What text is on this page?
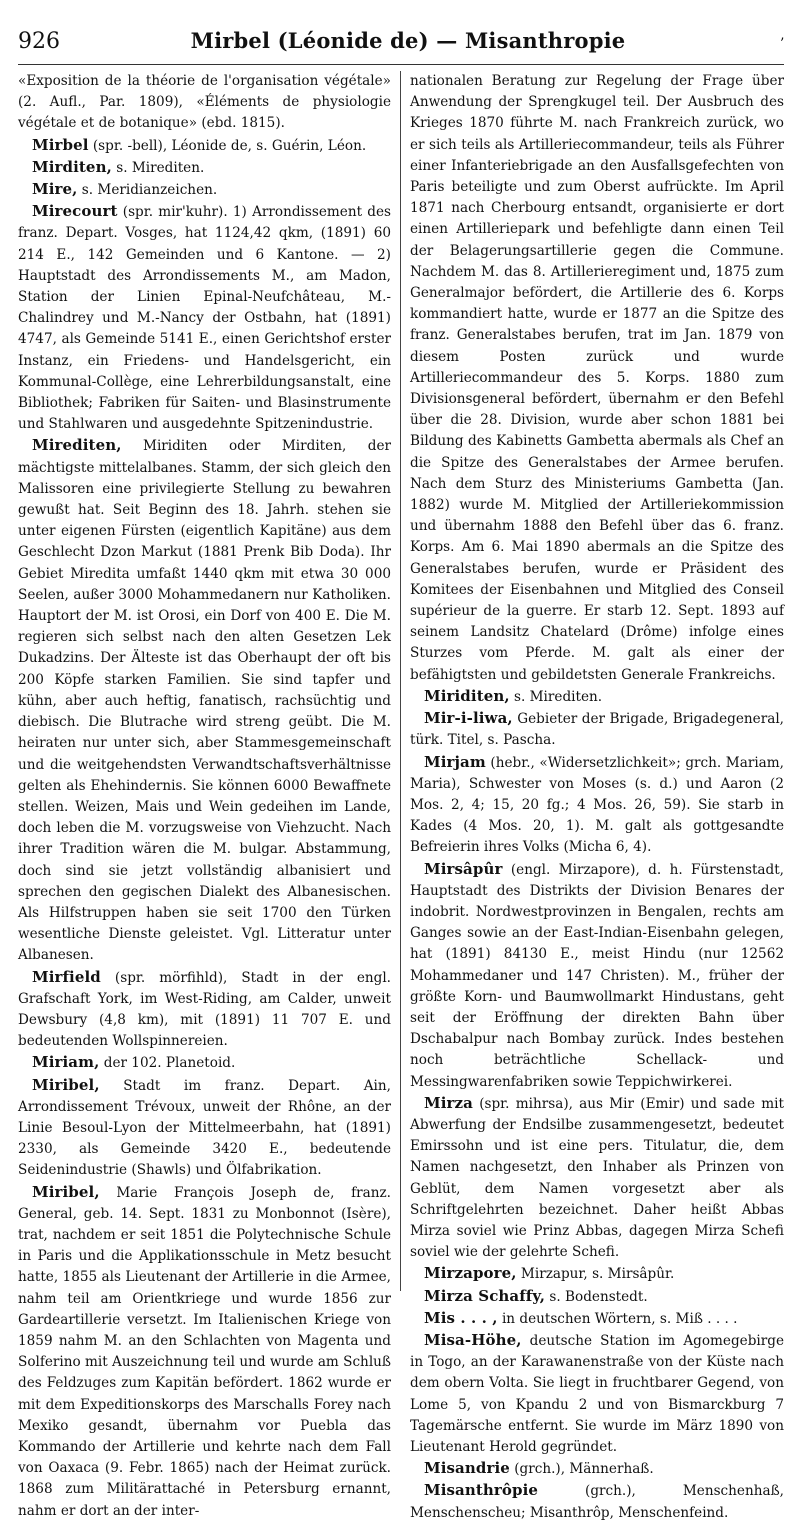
926	Mirbel (Léonide de) — Misanthropie	ʼ

«Exposition de la théorie de l'organisation végétale» (2. Aufl., Par. 1809), «Éléments de physiologie végétale et de botanique» (ebd. 1815).

Mirbel (spr. -bell), Léonide de, s. Guérin, Léon.

Mirditen, s. Mirediten.

Mire, s. Meridianzeichen.

Mirecourt (spr. mir'kuhr). 1) Arrondissement des franz. Depart. Vosges, hat 1124,42 qkm, (1891) 60 214 E., 142 Gemeinden und 6 Kantone. — 2) Hauptstadt des Arrondissements M., am Madon, Station der Linien Epinal-Neufchâteau, M.-Chalindrey und M.-Nancy der Ostbahn, hat (1891) 4747, als Gemeinde 5141 E., einen Gerichtshof erster Instanz, ein Friedens- und Handelsgericht, ein Kommunal-Collège, eine Lehrerbildungsanstalt, eine Bibliothek; Fabriken für Saiten- und Blasinstrumente und Stahlwaren und ausgedehnte Spitzenindustrie.

Mirediten, Miriditen oder Mirditen, der mächtigste mittelalbanes. Stamm, der sich gleich den Malissoren eine privilegierte Stellung zu bewahren gewußt hat. Seit Beginn des 18. Jahrh. stehen sie unter eigenen Fürsten (eigentlich Kapitäne) aus dem Geschlecht Dzon Markut (1881 Prenk Bib Doda). Ihr Gebiet Miredita umfaßt 1440 qkm mit etwa 30 000 Seelen, außer 3000 Mohammedanern nur Katholiken. Hauptort der M. ist Orosi, ein Dorf von 400 E. Die M. regieren sich selbst nach den alten Gesetzen Lek Dukadzins. Der Älteste ist das Oberhaupt der oft bis 200 Köpfe starken Familien. Sie sind tapfer und kühn, aber auch heftig, fanatisch, rachsüchtig und diebisch. Die Blutrache wird streng geübt. Die M. heiraten nur unter sich, aber Stammesgemeinschaft und die weitgehendsten Verwandtschaftsverhältnisse gelten als Ehehindernis. Sie können 6000 Bewaffnete stellen. Weizen, Mais und Wein gedeihen im Lande, doch leben die M. vorzugsweise von Viehzucht. Nach ihrer Tradition wären die M. bulgar. Abstammung, doch sind sie jetzt vollständig albanisiert und sprechen den gegischen Dialekt des Albanesischen. Als Hilfstruppen haben sie seit 1700 den Türken wesentliche Dienste geleistet. Vgl. Litteratur unter Albanesen.

Mirfield (spr. mörfihld), Stadt in der engl. Grafschaft York, im West-Riding, am Calder, unweit Dewsbury (4,8 km), mit (1891) 11 707 E. und bedeutenden Wollspinnereien.

Miriam, der 102. Planetoid.

Miribel, Stadt im franz. Depart. Ain, Arrondissement Trévoux, unweit der Rhône, an der Linie Besoul-Lyon der Mittelmeerbahn, hat (1891) 2330, als Gemeinde 3420 E., bedeutende Seidenindustrie (Shawls) und Ölfabrikation.

Miribel, Marie François Joseph de, franz. General, geb. 14. Sept. 1831 zu Monbonnot (Isère), trat, nachdem er seit 1851 die Polytechnische Schule in Paris und die Applikationsschule in Metz besucht hatte, 1855 als Lieutenant der Artillerie in die Armee, nahm teil am Orientkriege und wurde 1856 zur Gardeartillerie versetzt. Im Italienischen Kriege von 1859 nahm M. an den Schlachten von Magenta und Solferino mit Auszeichnung teil und wurde am Schluß des Feldzuges zum Kapitän befördert. 1862 wurde er mit dem Expeditionskorps des Marschalls Forey nach Mexiko gesandt, übernahm vor Puebla das Kommando der Artillerie und kehrte nach dem Fall von Oaxaca (9. Febr. 1865) nach der Heimat zurück. 1868 zum Militärattaché in Petersburg ernannt, nahm er dort an der inter-

nationalen Beratung zur Regelung der Frage über Anwendung der Sprengkugel teil. Der Ausbruch des Krieges 1870 führte M. nach Frankreich zurück, wo er sich teils als Artilleriecommandeur, teils als Führer einer Infanteriebrigade an den Ausfallsgefechten von Paris beteiligte und zum Oberst aufrückte. Im April 1871 nach Cherbourg entsandt, organisierte er dort einen Artilleriepark und befehligte dann einen Teil der Belagerungsartillerie gegen die Commune. Nachdem M. das 8. Artillerieregiment und, 1875 zum Generalmajor befördert, die Artillerie des 6. Korps kommandiert hatte, wurde er 1877 an die Spitze des franz. Generalstabes berufen, trat im Jan. 1879 von diesem Posten zurück und wurde Artilleriecommandeur des 5. Korps. 1880 zum Divisionsgeneral befördert, übernahm er den Befehl über die 28. Division, wurde aber schon 1881 bei Bildung des Kabinetts Gambetta abermals als Chef an die Spitze des Generalstabes der Armee berufen. Nach dem Sturz des Ministeriums Gambetta (Jan. 1882) wurde M. Mitglied der Artilleriekommission und übernahm 1888 den Befehl über das 6. franz. Korps. Am 6. Mai 1890 abermals an die Spitze des Generalstabes berufen, wurde er Präsident des Komitees der Eisenbahnen und Mitglied des Conseil supérieur de la guerre. Er starb 12. Sept. 1893 auf seinem Landsitz Chatelard (Drôme) infolge eines Sturzes vom Pferde. M. galt als einer der befähigtsten und gebildetsten Generale Frankreichs.

Miriditen, s. Mirediten.

Mir-i-liwa, Gebieter der Brigade, Brigadegeneral, türk. Titel, s. Pascha.

Mirjam (hebr., «Widersetzlichkeit»; grch. Mariam, Maria), Schwester von Moses (s. d.) und Aaron (2 Mos. 2, 4; 15, 20 fg.; 4 Mos. 26, 59). Sie starb in Kades (4 Mos. 20, 1). M. galt als gottgesandte Befreierin ihres Volks (Micha 6, 4).

Mirsâpûr (engl. Mirzapore), d. h. Fürstenstadt, Hauptstadt des Distrikts der Division Benares der indobrit. Nordwestprovinzen in Bengalen, rechts am Ganges sowie an der East-Indian-Eisenbahn gelegen, hat (1891) 84130 E., meist Hindu (nur 12562 Mohammedaner und 147 Christen). M., früher der größte Korn- und Baumwollmarkt Hindustans, geht seit der Eröffnung der direkten Bahn über Dschabalpur nach Bombay zurück. Indes bestehen noch beträchtliche Schellack- und Messingwarenfabriken sowie Teppichwirkerei.

Mirza (spr. mihrsa), aus Mir (Emir) und sade mit Abwerfung der Endsilbe zusammengesetzt, bedeutet Emirssohn und ist eine pers. Titulatur, die, dem Namen nachgesetzt, den Inhaber als Prinzen von Geblüt, dem Namen vorgesetzt aber als Schriftgelehrten bezeichnet. Daher heißt Abbas Mirza soviel wie Prinz Abbas, dagegen Mirza Schefi soviel wie der gelehrte Schefi.

Mirzapore, Mirzapur, s. Mirsâpûr.

Mirza Schaffy, s. Bodenstedt.

Mis . . . , in deutschen Wörtern, s. Miß . . . .

Misa-Höhe, deutsche Station im Agomegebirge in Togo, an der Karawanenstraße von der Küste nach dem obern Volta. Sie liegt in fruchtbarer Gegend, von Lome 5, von Kpandu 2 und von Bismarckburg 7 Tagemärsche entfernt. Sie wurde im März 1890 von Lieutenant Herold gegründet.

Misandrie (grch.), Männerhaß.

Misanthrôpie (grch.), Menschenhaß, Menschenscheu; Misanthrôp, Menschenfeind.
